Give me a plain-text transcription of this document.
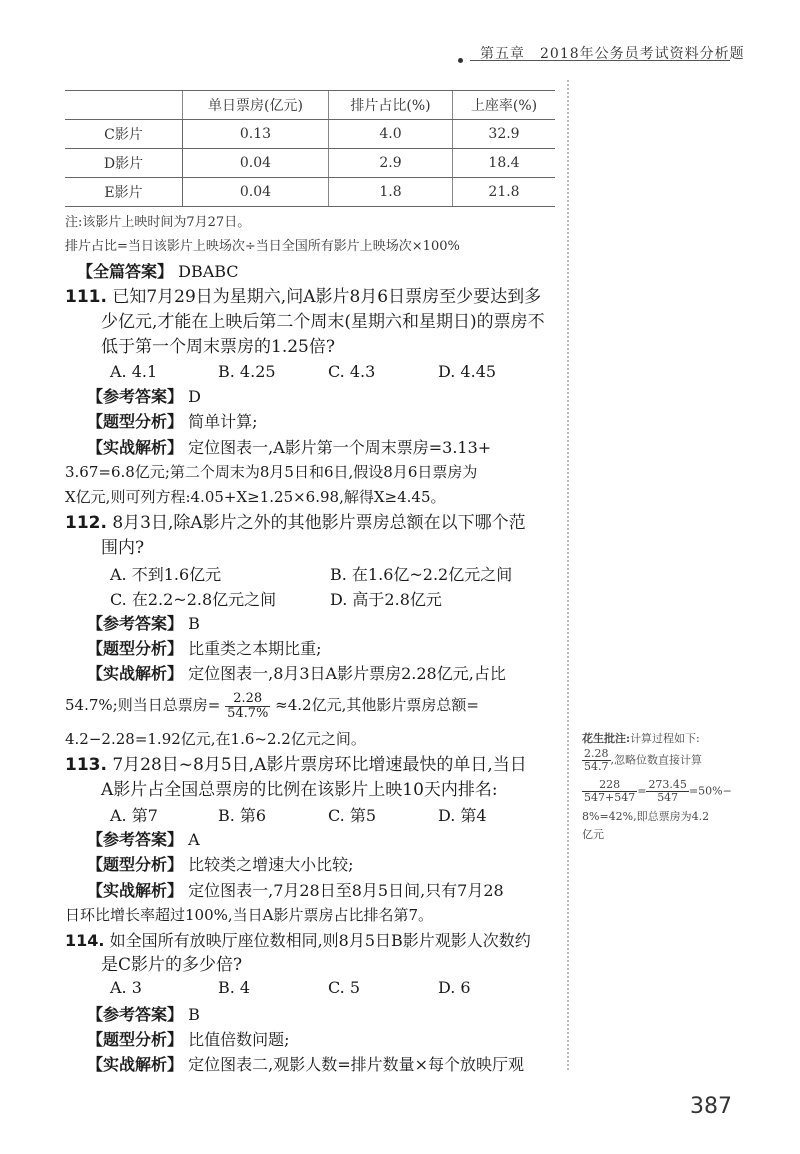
第五章　2018年公务员考试资料分析题
	单日票房(亿元)	排片占比(%)	上座率(%)
C影片	0.13	4.0	32.9
D影片	0.04	2.9	18.4
E影片	0.04	1.8	21.8
注:该影片上映时间为7月27日。
排片占比=当日该影片上映场次÷当日全国所有影片上映场次×100%
【全篇答案】 DBABC
111. 已知7月29日为星期六,问A影片8月6日票房至少要达到多
少亿元,才能在上映后第二个周末(星期六和星期日)的票房不
低于第一个周末票房的1.25倍?
A. 4.1	B. 4.25	C. 4.3	D. 4.45
【参考答案】 D
【题型分析】 简单计算;
【实战解析】 定位图表一,A影片第一个周末票房=3.13+
3.67=6.8亿元;第二个周末为8月5日和6日,假设8月6日票房为
X亿元,则可列方程:4.05+X≥1.25×6.98,解得X≥4.45。
112. 8月3日,除A影片之外的其他影片票房总额在以下哪个范
围内?
A. 不到1.6亿元	B. 在1.6亿~2.2亿元之间
C. 在2.2~2.8亿元之间	D. 高于2.8亿元
【参考答案】 B
【题型分析】 比重类之本期比重;
【实战解析】 定位图表一,8月3日A影片票房2.28亿元,占比
54.7%;则当日总票房= $\frac{2.28}{54.7\%} \approx 4.2$亿元,其他影片票房总额=
4.2−2.28=1.92亿元,在1.6~2.2亿元之间。	花生批注:计算过程如下:
$\frac{2.28}{54.7}$ ,忽略位数直接计算
$\frac{228}{547+547} = \frac{273.45}{547} =50\%-$
8%=42%,即总票房为4.2
亿元
113. 7月28日~8月5日,A影片票房环比增速最快的单日,当日
A影片占全国总票房的比例在该影片上映10天内排名:
A. 第7	B. 第6	C. 第5	D. 第4
【参考答案】 A
【题型分析】 比较类之增速大小比较;
【实战解析】 定位图表一,7月28日至8月5日间,只有7月28
日环比增长率超过100%,当日A影片票房占比排名第7。
114. 如全国所有放映厅座位数相同,则8月5日B影片观影人次数约
是C影片的多少倍?
A. 3	B. 4	C. 5	D. 6
【参考答案】 B
【题型分析】 比值倍数问题;
【实战解析】 定位图表二,观影人数=排片数量×每个放映厅观
387
